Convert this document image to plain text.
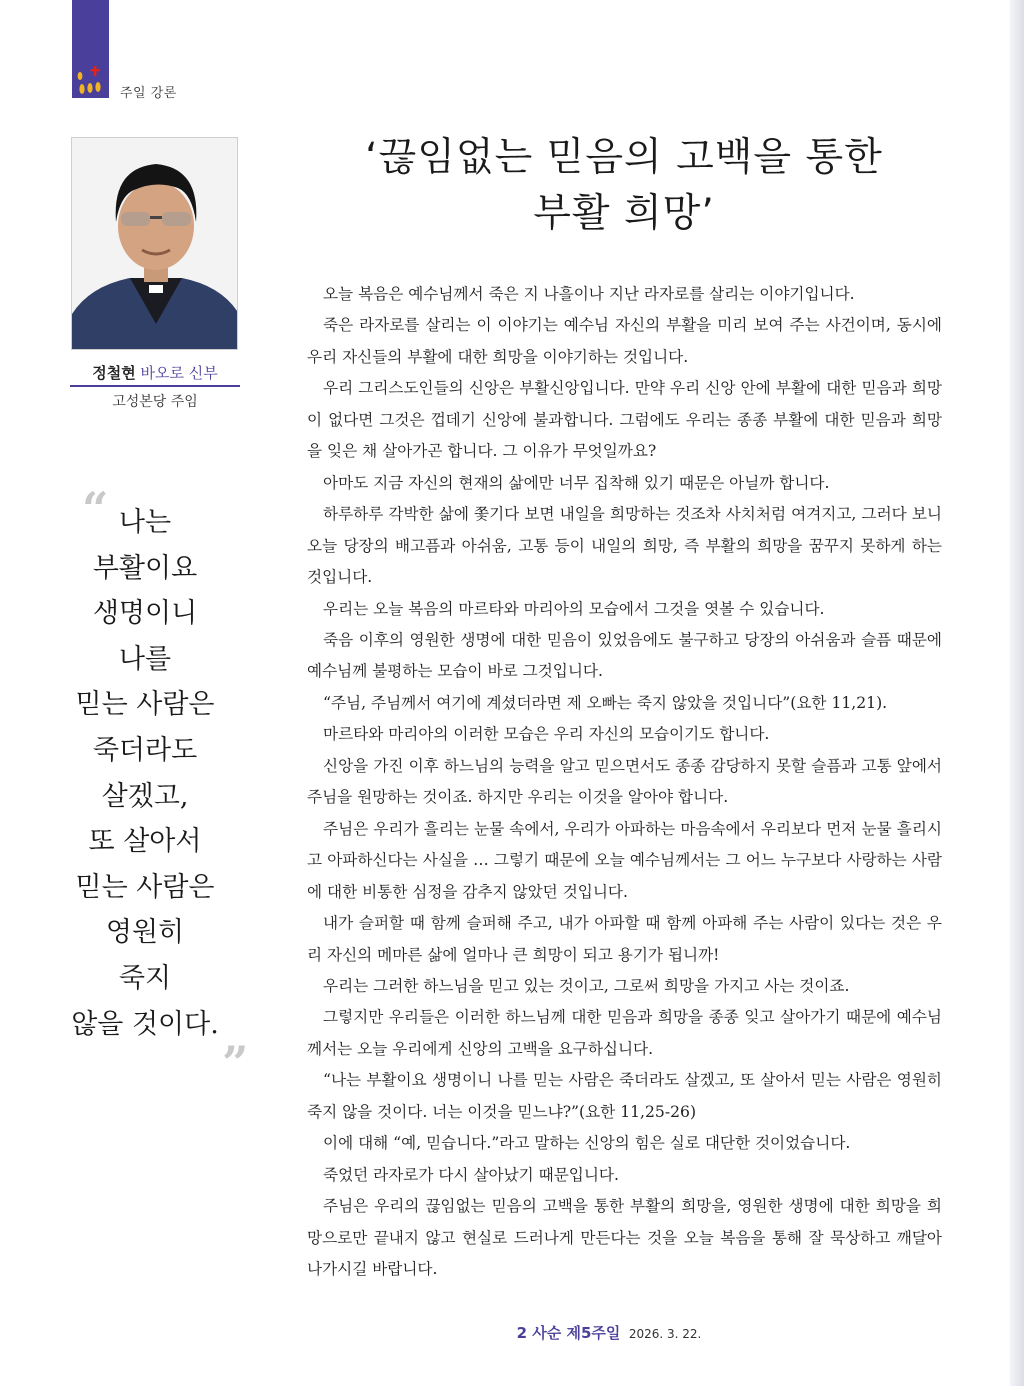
주일 강론
정철현 바오로 신부
고성본당 주임
“ 나는
부활이요
생명이니
나를
믿는 사람은
죽더라도
살겠고,
또 살아서
믿는 사람은
영원히
죽지
않을 것이다.
”
‘끊임없는 믿음의 고백을 통한
부활 희망’

오늘 복음은 예수님께서 죽은 지 나흘이나 지난 라자로를 살리는 이야기입니다.

죽은 라자로를 살리는 이 이야기는 예수님 자신의 부활을 미리 보여 주는 사건이며, 동시에 우리 자신들의 부활에 대한 희망을 이야기하는 것입니다.

우리 그리스도인들의 신앙은 부활신앙입니다. 만약 우리 신앙 안에 부활에 대한 믿음과 희망이 없다면 그것은 껍데기 신앙에 불과합니다. 그럼에도 우리는 종종 부활에 대한 믿음과 희망을 잊은 채 살아가곤 합니다. 그 이유가 무엇일까요?

아마도 지금 자신의 현재의 삶에만 너무 집착해 있기 때문은 아닐까 합니다.

하루하루 각박한 삶에 쫓기다 보면 내일을 희망하는 것조차 사치처럼 여겨지고, 그러다 보니 오늘 당장의 배고픔과 아쉬움, 고통 등이 내일의 희망, 즉 부활의 희망을 꿈꾸지 못하게 하는 것입니다.

우리는 오늘 복음의 마르타와 마리아의 모습에서 그것을 엿볼 수 있습니다.

죽음 이후의 영원한 생명에 대한 믿음이 있었음에도 불구하고 당장의 아쉬움과 슬픔 때문에 예수님께 불평하는 모습이 바로 그것입니다.

“주님, 주님께서 여기에 계셨더라면 제 오빠는 죽지 않았을 것입니다”(요한 11,21).

마르타와 마리아의 이러한 모습은 우리 자신의 모습이기도 합니다.

신앙을 가진 이후 하느님의 능력을 알고 믿으면서도 종종 감당하지 못할 슬픔과 고통 앞에서 주님을 원망하는 것이죠. 하지만 우리는 이것을 알아야 합니다.

주님은 우리가 흘리는 눈물 속에서, 우리가 아파하는 마음속에서 우리보다 먼저 눈물 흘리시고 아파하신다는 사실을 … 그렇기 때문에 오늘 예수님께서는 그 어느 누구보다 사랑하는 사람에 대한 비통한 심정을 감추지 않았던 것입니다.

내가 슬퍼할 때 함께 슬퍼해 주고, 내가 아파할 때 함께 아파해 주는 사람이 있다는 것은 우리 자신의 메마른 삶에 얼마나 큰 희망이 되고 용기가 됩니까!

우리는 그러한 하느님을 믿고 있는 것이고, 그로써 희망을 가지고 사는 것이죠.

그렇지만 우리들은 이러한 하느님께 대한 믿음과 희망을 종종 잊고 살아가기 때문에 예수님께서는 오늘 우리에게 신앙의 고백을 요구하십니다.

“나는 부활이요 생명이니 나를 믿는 사람은 죽더라도 살겠고, 또 살아서 믿는 사람은 영원히 죽지 않을 것이다. 너는 이것을 믿느냐?”(요한 11,25-26)

이에 대해 “예, 믿습니다.”라고 말하는 신앙의 힘은 실로 대단한 것이었습니다.

죽었던 라자로가 다시 살아났기 때문입니다.

주님은 우리의 끊임없는 믿음의 고백을 통한 부활의 희망을, 영원한 생명에 대한 희망을 희망으로만 끝내지 않고 현실로 드러나게 만든다는 것을 오늘 복음을 통해 잘 묵상하고 깨달아 나가시길 바랍니다.

2 사순 제5주일 2026. 3. 22.
